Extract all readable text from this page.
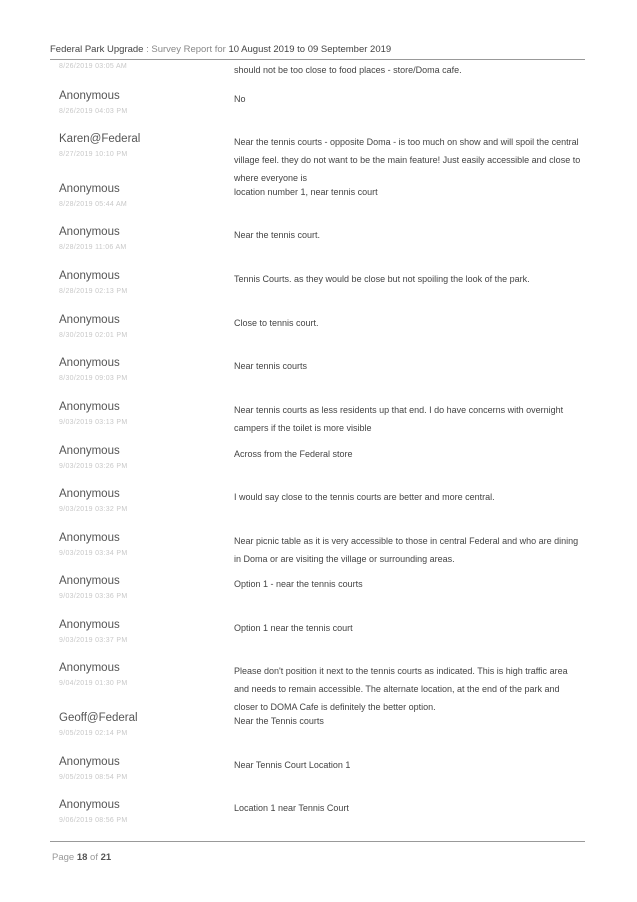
Federal Park Upgrade : Survey Report for 10 August 2019 to 09 September 2019
8/26/2019 03:05 AM	should not be too close to food places - store/Doma cafe.
Anonymous
8/26/2019 04:03 PM
No
Karen@Federal
8/27/2019 10:10 PM
Near the tennis courts - opposite Doma - is too much on show and will spoil the central village feel. they do not want to be the main feature! Just easily accessible and close to where everyone is
Anonymous
8/28/2019 05:44 AM
location number 1, near tennis court
Anonymous
8/28/2019 11:06 AM
Near the tennis court.
Anonymous
8/28/2019 02:13 PM
Tennis Courts. as they would be close but not spoiling the look of the park.
Anonymous
8/30/2019 02:01 PM
Close to tennis court.
Anonymous
8/30/2019 09:03 PM
Near tennis courts
Anonymous
9/03/2019 03:13 PM
Near tennis courts as less residents up that end. I do have concerns with overnight campers if the toilet is more visible
Anonymous
9/03/2019 03:26 PM
Across from the Federal store
Anonymous
9/03/2019 03:32 PM
I would say close to the tennis courts are better and more central.
Anonymous
9/03/2019 03:34 PM
Near picnic table as it is very accessible to those in central Federal and who are dining in Doma or are visiting the village or surrounding areas.
Anonymous
9/03/2019 03:36 PM
Option 1 - near the tennis courts
Anonymous
9/03/2019 03:37 PM
Option 1 near the tennis court
Anonymous
9/04/2019 01:30 PM
Please don't position it next to the tennis courts as indicated. This is high traffic area and needs to remain accessible. The alternate location, at the end of the park and closer to DOMA Cafe is definitely the better option.
Geoff@Federal
9/05/2019 02:14 PM
Near the Tennis courts
Anonymous
9/05/2019 08:54 PM
Near Tennis Court Location 1
Anonymous
9/06/2019 08:56 PM
Location 1 near Tennis Court
Page 18 of 21
